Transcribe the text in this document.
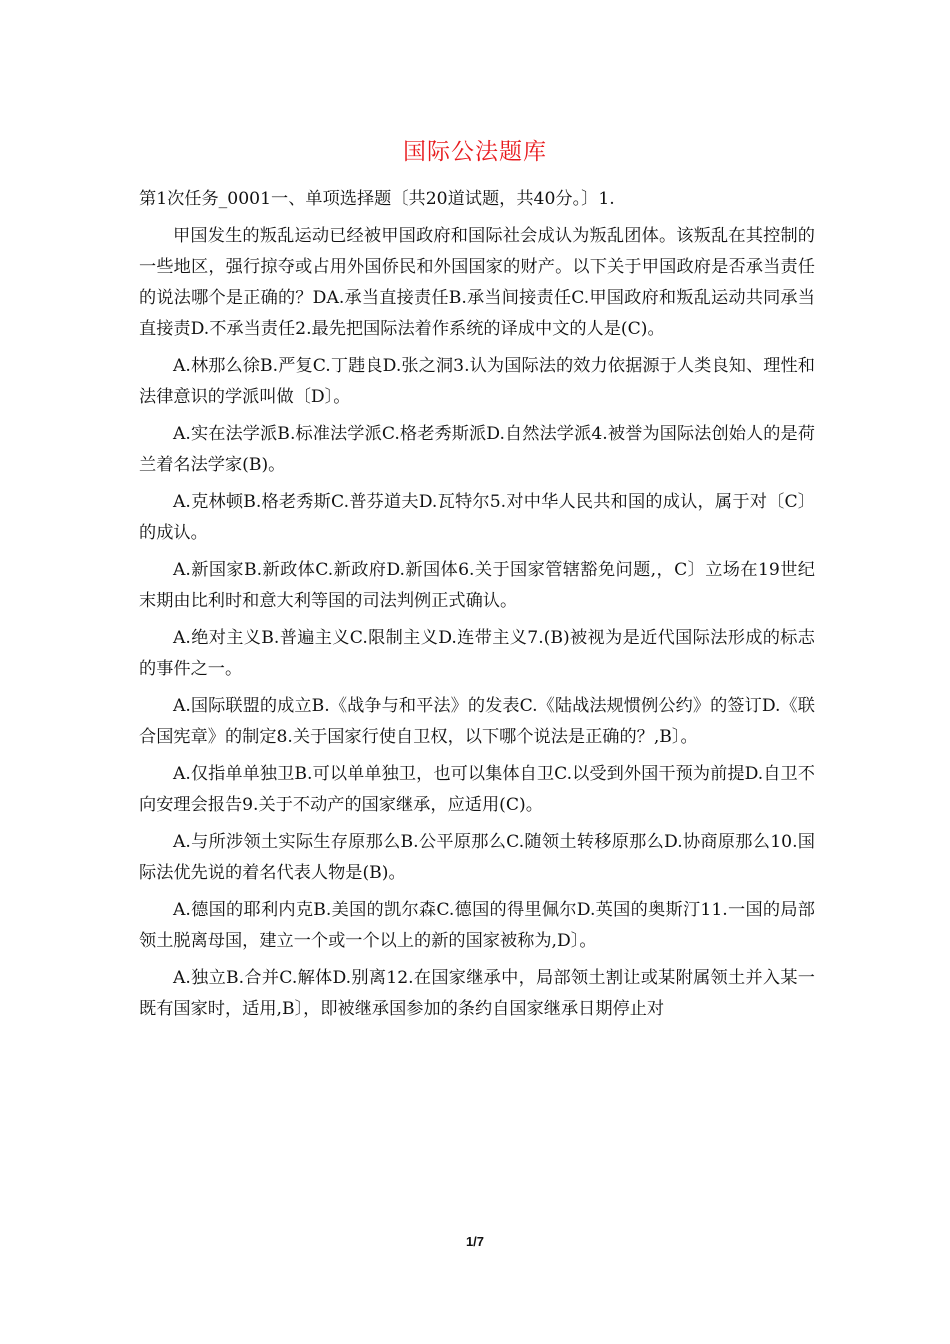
国际公法题库

第1次任务_0001一、单项选择题〔共20道试题，共40分。〕1.

甲国发生的叛乱运动已经被甲国政府和国际社会成认为叛乱团体。该叛乱在其控制的一些地区，强行掠夺或占用外国侨民和外国国家的财产。以下关于甲国政府是否承当责任的说法哪个是正确的？DA.承当直接责任B.承当间接责任C.甲国政府和叛乱运动共同承当直接责D.不承当责任2.最先把国际法着作系统的译成中文的人是(C)。

A.林那么徐B.严复C.丁韪良D.张之洞3.认为国际法的效力依据源于人类良知、理性和法律意识的学派叫做〔D〕。

A.实在法学派B.标准法学派C.格老秀斯派D.自然法学派4.被誉为国际法创始人的是荷兰着名法学家(B)。

A.克林顿B.格老秀斯C.普芬道夫D.瓦特尔5.对中华人民共和国的成认，属于对〔C〕的成认。

A.新国家B.新政体C.新政府D.新国体6.关于国家管辖豁免问题,，C〕立场在19世纪末期由比利时和意大利等国的司法判例正式确认。

A.绝对主义B.普遍主义C.限制主义D.连带主义7.(B)被视为是近代国际法形成的标志的事件之一。

A.国际联盟的成立B.《战争与和平法》的发表C.《陆战法规惯例公约》的签订D.《联合国宪章》的制定8.关于国家行使自卫权，以下哪个说法是正确的？,B〕。

A.仅指单单独卫B.可以单单独卫，也可以集体自卫C.以受到外国干预为前提D.自卫不向安理会报告9.关于不动产的国家继承，应适用(C)。

A.与所涉领土实际生存原那么B.公平原那么C.随领土转移原那么D.协商原那么10.国际法优先说的着名代表人物是(B)。

A.德国的耶利内克B.美国的凯尔森C.德国的得里佩尔D.英国的奥斯汀11.一国的局部领土脱离母国，建立一个或一个以上的新的国家被称为,D〕。

A.独立B.合并C.解体D.别离12.在国家继承中，局部领土割让或某附属领土并入某一既有国家时，适用,B〕，即被继承国参加的条约自国家继承日期停止对

1/7
